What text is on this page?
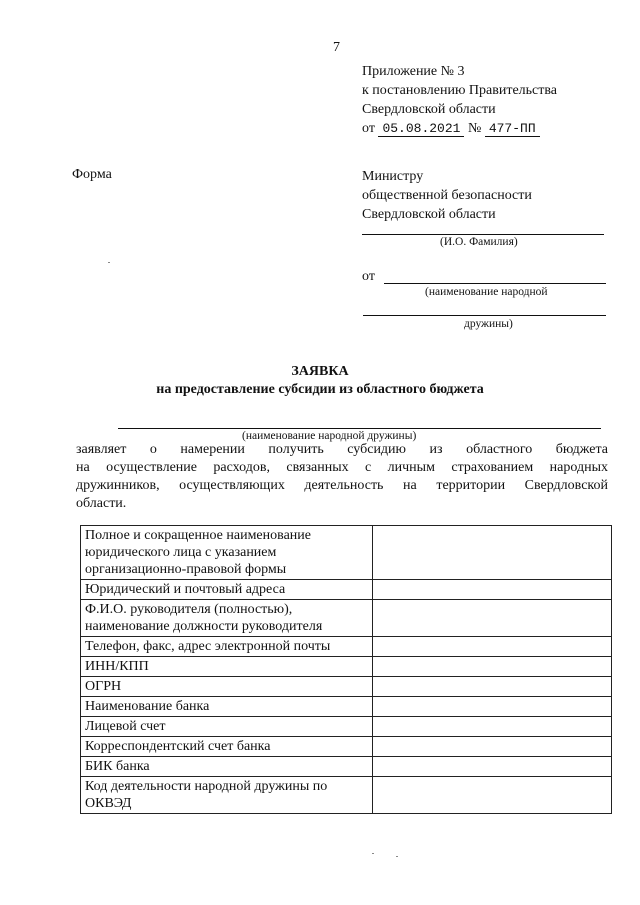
7
Приложение № 3
к постановлению Правительства
Свердловской области
от 05.08.2021 № 477-ПП
Форма	Министру
общественной безопасности
Свердловской области
(И.О. Фамилия)
от
(наименование народной
дружины)
ЗАЯВКА
на предоставление субсидии из областного бюджета
(наименование народной дружины)
заявляет о намерении получить субсидию из областного бюджета
на осуществление расходов, связанных с личным страхованием народных
дружинников, осуществляющих деятельность на территории Свердловской
области.
Полное и сокращенное наименование юридического лица с указанием организационно-правовой формы	
Юридический и почтовый адреса	
Ф.И.О. руководителя (полностью), наименование должности руководителя	
Телефон, факс, адрес электронной почты	
ИНН/КПП	
ОГРН	
Наименование банка	
Лицевой счет	
Корреспондентский счет банка	
БИК банка	
Код деятельности народной дружины по ОКВЭД	
